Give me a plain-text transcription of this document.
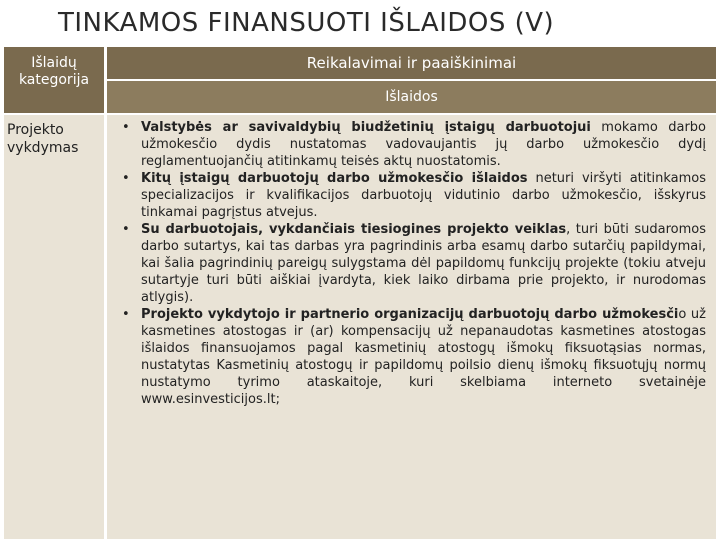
TINKAMOS FINANSUOTI IŠLAIDOS (V)
Išlaidų kategorija
Reikalavimai ir paaiškinimai
Išlaidos
Projekto vykdymas
• Valstybės ar savivaldybių biudžetinių įstaigų darbuotojui mokamo darbo užmokesčio dydis nustatomas vadovaujantis jų darbo užmokesčio dydį reglamentuojančių atitinkamų teisės aktų nuostatomis.
• Kitų įstaigų darbuotojų darbo užmokesčio išlaidos neturi viršyti atitinkamos specializacijos ir kvalifikacijos darbuotojų vidutinio darbo užmokesčio, išskyrus tinkamai pagrįstus atvejus.
• Su darbuotojais, vykdančiais tiesiogines projekto veiklas, turi būti sudaromos darbo sutartys, kai tas darbas yra pagrindinis arba esamų darbo sutarčių papildymai, kai šalia pagrindinių pareigų sulygstama dėl papildomų funkcijų projekte (tokiu atveju sutartyje turi būti aiškiai įvardyta, kiek laiko dirbama prie projekto, ir nurodomas atlygis).
• Projekto vykdytojo ir partnerio organizacijų darbuotojų darbo užmokesčio už kasmetines atostogas ir (ar) kompensacijų už nepanaudotas kasmetines atostogas išlaidos finansuojamos pagal kasmetinių atostogų išmokų fiksuotąsias normas, nustatytas Kasmetinių atostogų ir papildomų poilsio dienų išmokų fiksuotųjų normų nustatymo tyrimo ataskaitoje, kuri skelbiama interneto svetainėje www.esinvesticijos.lt;
